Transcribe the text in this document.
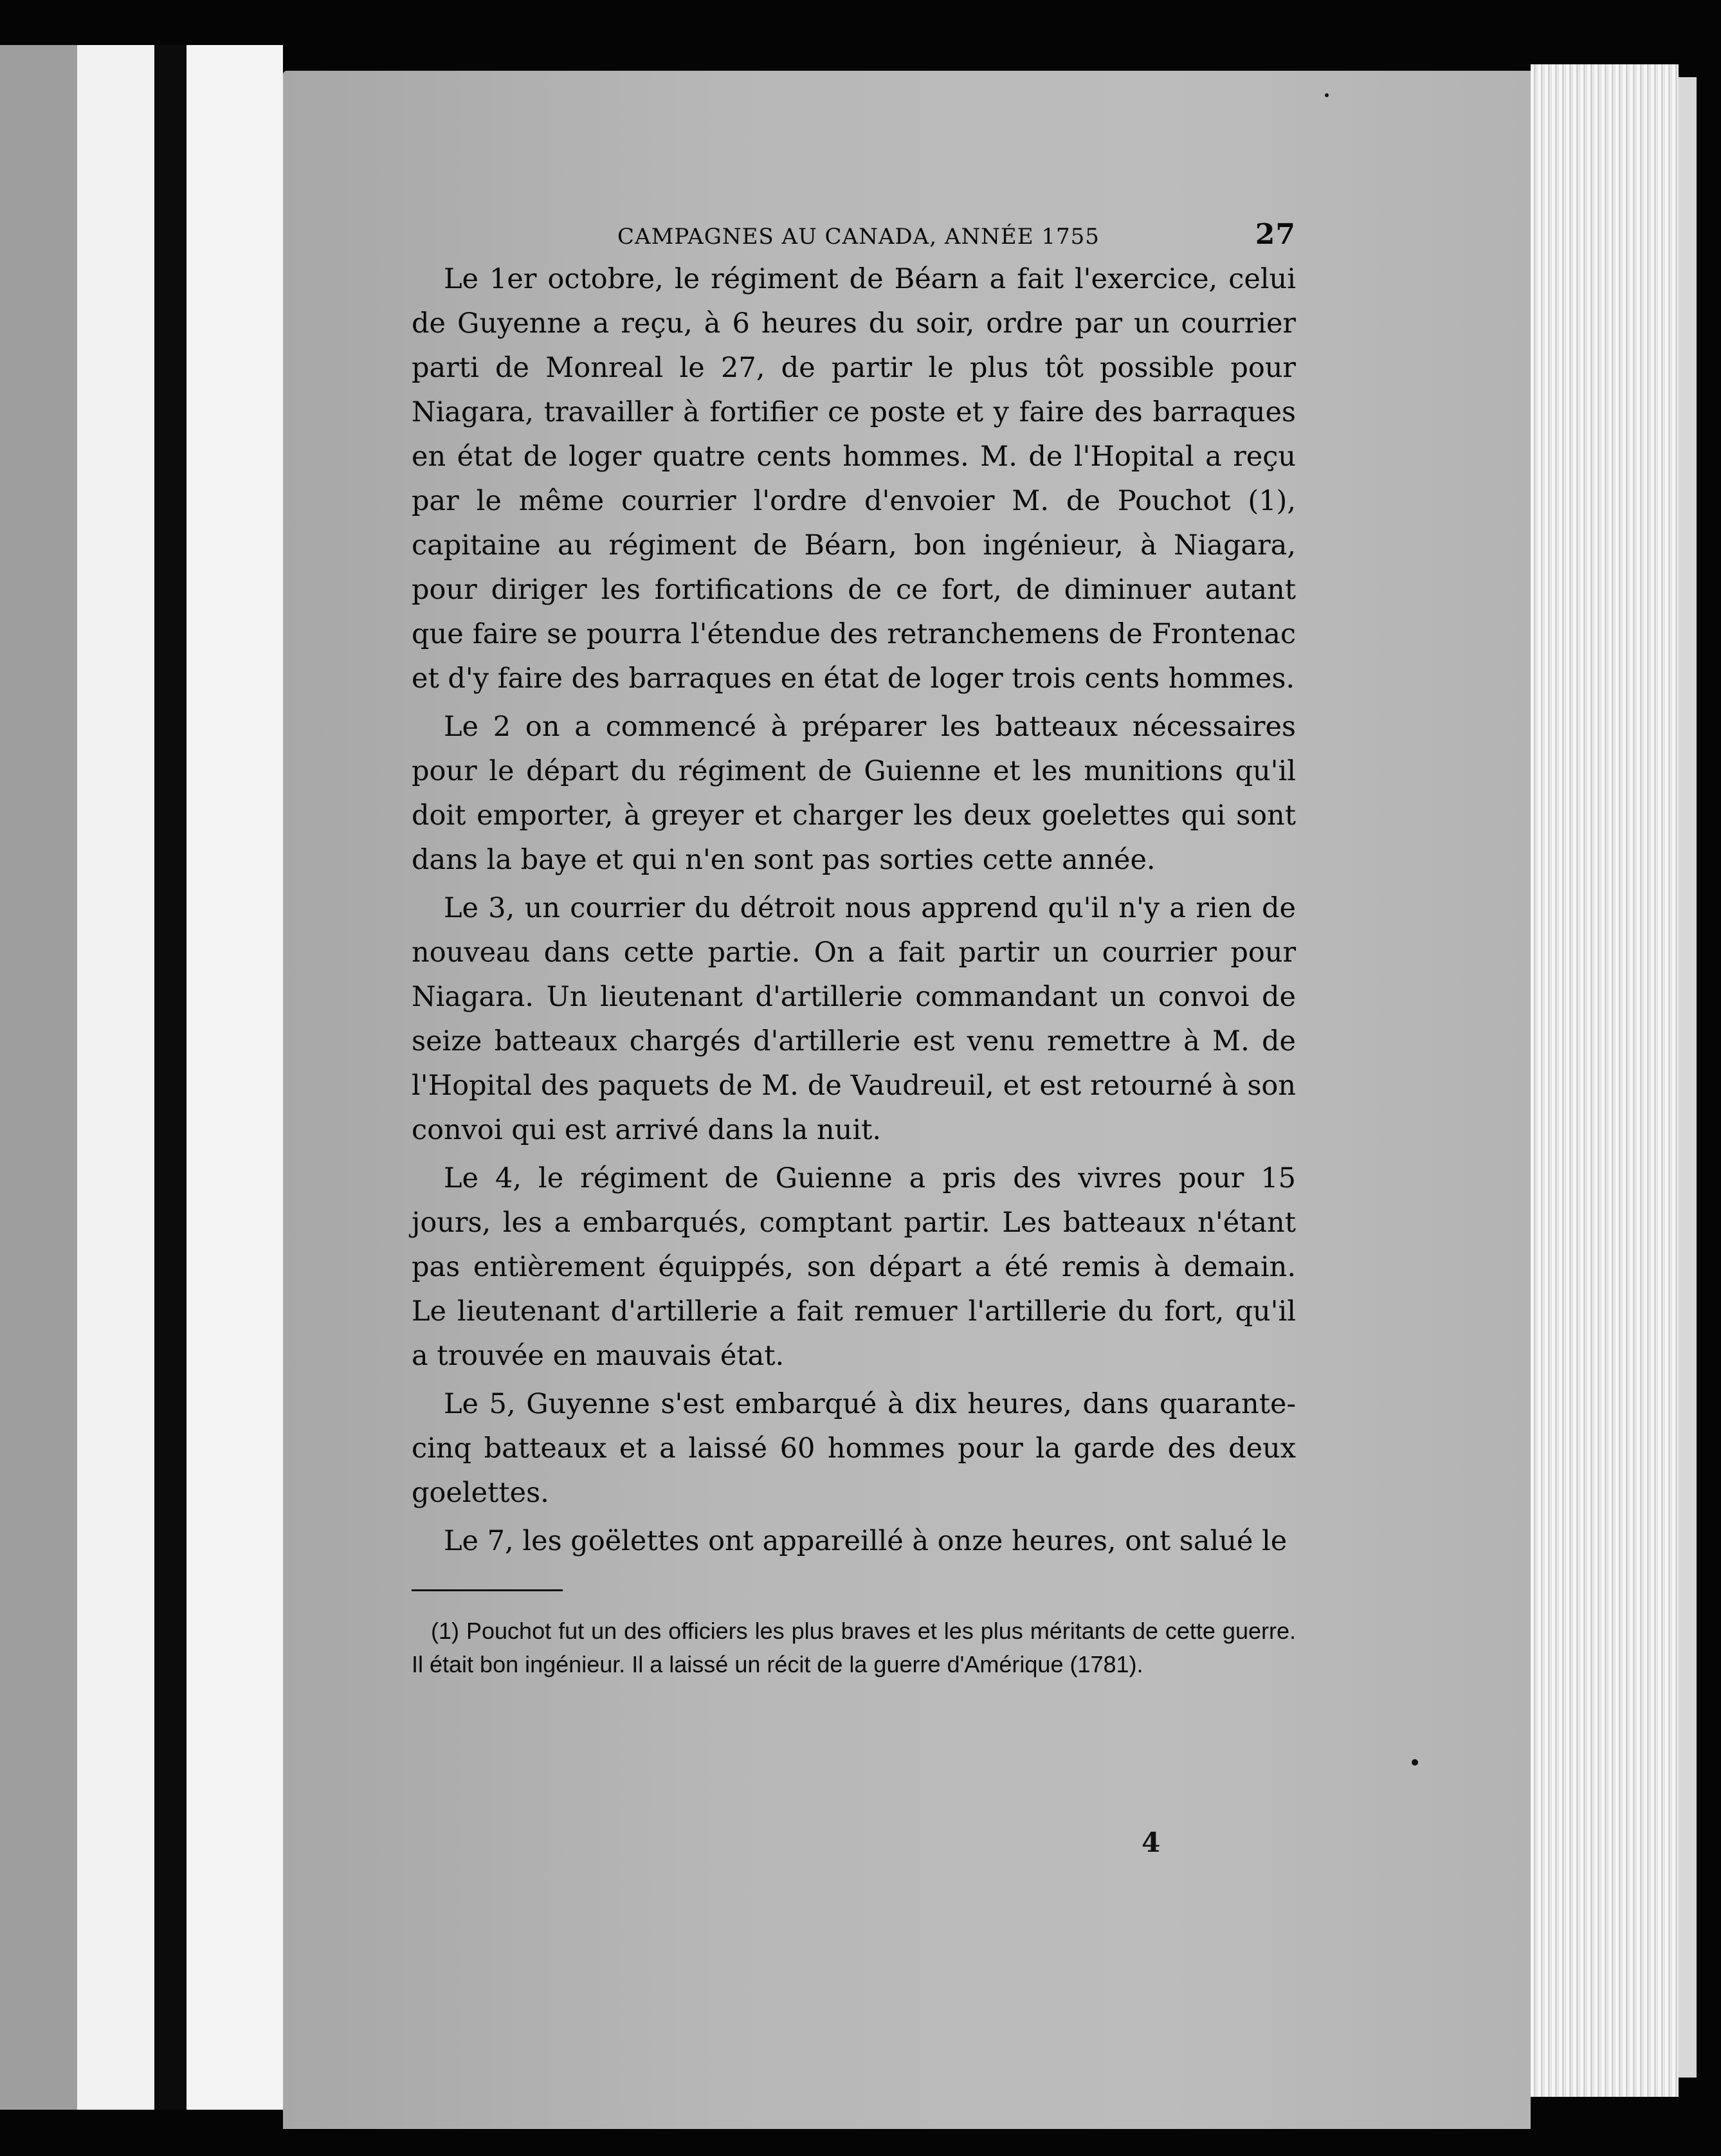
CAMPAGNES AU CANADA, ANNÉE 1755	27

Le 1er octobre, le régiment de Béarn a fait l'exercice, celui de Guyenne a reçu, à 6 heures du soir, ordre par un courrier parti de Monreal le 27, de partir le plus tôt possible pour Niagara, travailler à fortifier ce poste et y faire des barraques en état de loger quatre cents hommes. M. de l'Hopital a reçu par le même courrier l'ordre d'envoier M. de Pouchot (1), capitaine au régiment de Béarn, bon ingénieur, à Niagara, pour diriger les fortifications de ce fort, de diminuer autant que faire se pourra l'étendue des retranchemens de Frontenac et d'y faire des barraques en état de loger trois cents hommes.

Le 2 on a commencé à préparer les batteaux nécessaires pour le départ du régiment de Guienne et les munitions qu'il doit emporter, à greyer et charger les deux goelettes qui sont dans la baye et qui n'en sont pas sorties cette année.

Le 3, un courrier du détroit nous apprend qu'il n'y a rien de nouveau dans cette partie. On a fait partir un courrier pour Niagara. Un lieutenant d'artillerie commandant un convoi de seize batteaux chargés d'artillerie est venu remettre à M. de l'Hopital des paquets de M. de Vaudreuil, et est retourné à son convoi qui est arrivé dans la nuit.

Le 4, le régiment de Guienne a pris des vivres pour 15 jours, les a embarqués, comptant partir. Les batteaux n'étant pas entièrement équippés, son départ a été remis à demain. Le lieutenant d'artillerie a fait remuer l'artillerie du fort, qu'il a trouvée en mauvais état.

Le 5, Guyenne s'est embarqué à dix heures, dans quarante-cinq batteaux et a laissé 60 hommes pour la garde des deux goelettes.

Le 7, les goëlettes ont appareillé à onze heures, ont salué le

(1) Pouchot fut un des officiers les plus braves et les plus méritants de cette guerre. Il était bon ingénieur. Il a laissé un récit de la guerre d'Amérique (1781).

4
